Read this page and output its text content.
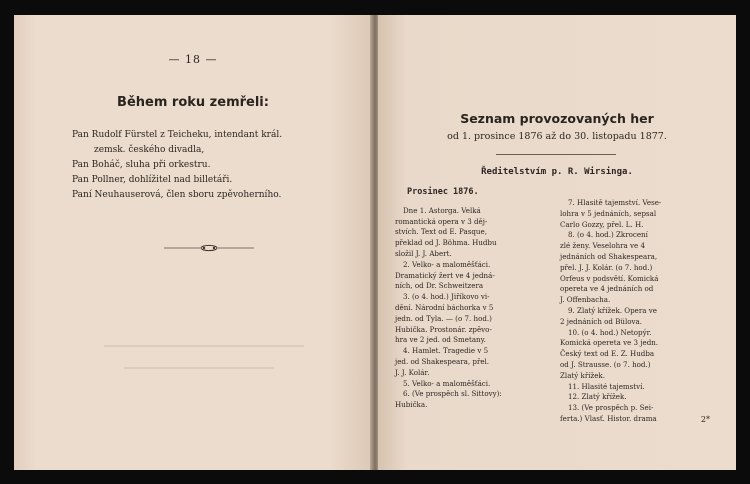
— 18 —
Během roku zemřeli:
Pan Rudolf Fürstel z Teicheku, intendant král.
zemsk. českého divadla,
Pan Boháč, sluha při orkestru.
Pan Pollner, dohlížitel nad billetáři.
Paní Neuhauserová, člen sboru zpěvoherního.
Seznam provozovaných her
od 1. prosince 1876 až do 30. listopadu 1877.
Ředitelstvím p. R. Wirsinga.
Prosinec 1876.
Dne 1. Astorga. Velká
romantická opera v 3 děj-
stvích. Text od E. Pasque,
překlad od J. Böhma. Hudbu
složil J. J. Abert.
2. Velko- a maloměšťáci.
Dramatický žert ve 4 jedná-
ních, od Dr. Schweitzera
3. (o 4. hod.) Jiříkovo vi-
dění. Národní báchorka v 5
jedn. od Tyla. — (o 7. hod.)
Hubička. Prostonár. zpěvo-
hra ve 2 jed. od Smetany.
4. Hamlet. Tragedie v 5
jed. od Shakespeara, přel.
J. J. Kolár.
5. Velko- a maloměšťáci.
6. (Ve prospěch sl. Sittovy):
Hubička.
7. Hlasitě tajemství. Vese-
lohra v 5 jednáních, sepsal
Carlo Gozzy, přel. L. H.
8. (o 4. hod.) Zkrocení
zlé ženy. Veselohra ve 4
jednáních od Shakespeara,
přel. J. J. Kolár. (o 7. hod.)
Orfeus v podsvětí. Komická
opereta ve 4 jednáních od
J. Offenbacha.
9. Zlatý křížek. Opera ve
2 jednáních od Bülova.
10. (o 4. hod.) Netopýr.
Komická opereta ve 3 jedn.
Český text od E. Z. Hudba
od J. Strausse. (o 7. hod.)
Zlatý křížek.
11. Hlasité tajemství.
12. Zlatý křížek.
13. (Ve prospěch p. Sei-
ferta.) Vlasť. Histor. drama	2*
